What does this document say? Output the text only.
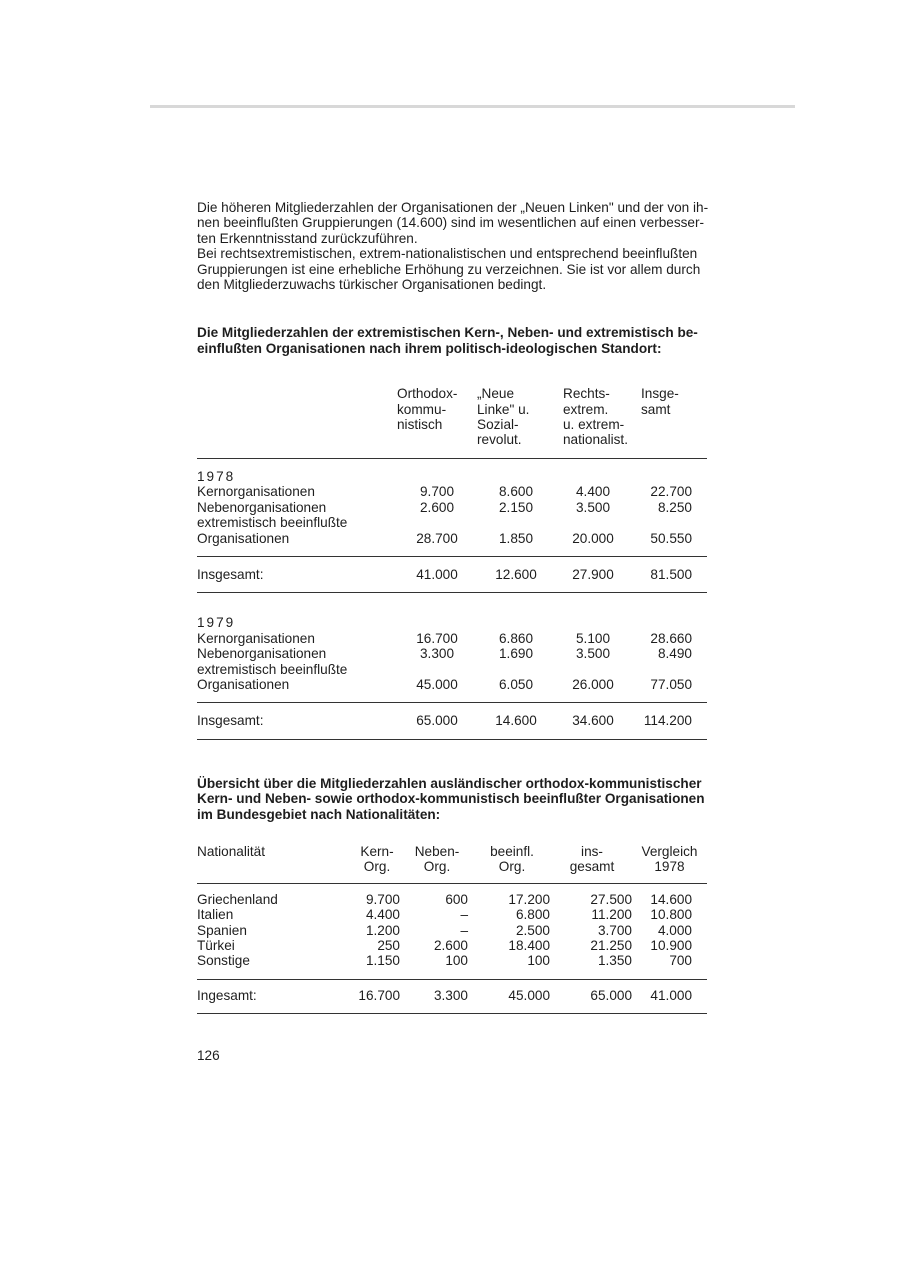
Die höheren Mitgliederzahlen der Organisationen der „Neuen Linken" und der von ih-

nen beeinflußten Gruppierungen (14.600) sind im wesentlichen auf einen verbesser-

ten Erkenntnisstand zurückzuführen.

Bei rechtsextremistischen, extrem-nationalistischen und entsprechend beeinflußten

Gruppierungen ist eine erhebliche Erhöhung zu verzeichnen. Sie ist vor allem durch

den Mitgliederzuwachs türkischer Organisationen bedingt.

Die Mitgliederzahlen der extremistischen Kern-, Neben- und extremistisch be-
einflußten Organisationen nach ihrem politisch-ideologischen Standort:

	Orthodox-
kommu-
nistisch	„Neue
Linke" u.
Sozial-
revolut.	Rechts-
extrem.
u. extrem-
nationalist.	Insge-
samt

1978				
Kernorganisationen	9.700	8.600	4.400	22.700
Nebenorganisationen	2.600	2.150	3.500	8.250
extremistisch beeinflußte				
Organisationen	28.700	1.850	20.000	50.550

Insgesamt:	41.000	12.600	27.900	81.500

1979				
Kernorganisationen	16.700	6.860	5.100	28.660
Nebenorganisationen	3.300	1.690	3.500	8.490
extremistisch beeinflußte				
Organisationen	45.000	6.050	26.000	77.050

Insgesamt:	65.000	14.600	34.600	114.200

Übersicht über die Mitgliederzahlen ausländischer orthodox-kommunistischer
Kern- und Neben- sowie orthodox-kommunistisch beeinflußter Organisationen
im Bundesgebiet nach Nationalitäten:

Nationalität	Kern-
Org.	Neben-
Org.	beeinfl.
Org.	ins-
gesamt	Vergleich
1978

Griechenland	9.700	600	17.200	27.500	14.600
Italien	4.400	–	6.800	11.200	10.800
Spanien	1.200	–	2.500	3.700	4.000
Türkei	250	2.600	18.400	21.250	10.900
Sonstige	1.150	100	100	1.350	700

Ingesamt:	16.700	3.300	45.000	65.000	41.000

126
